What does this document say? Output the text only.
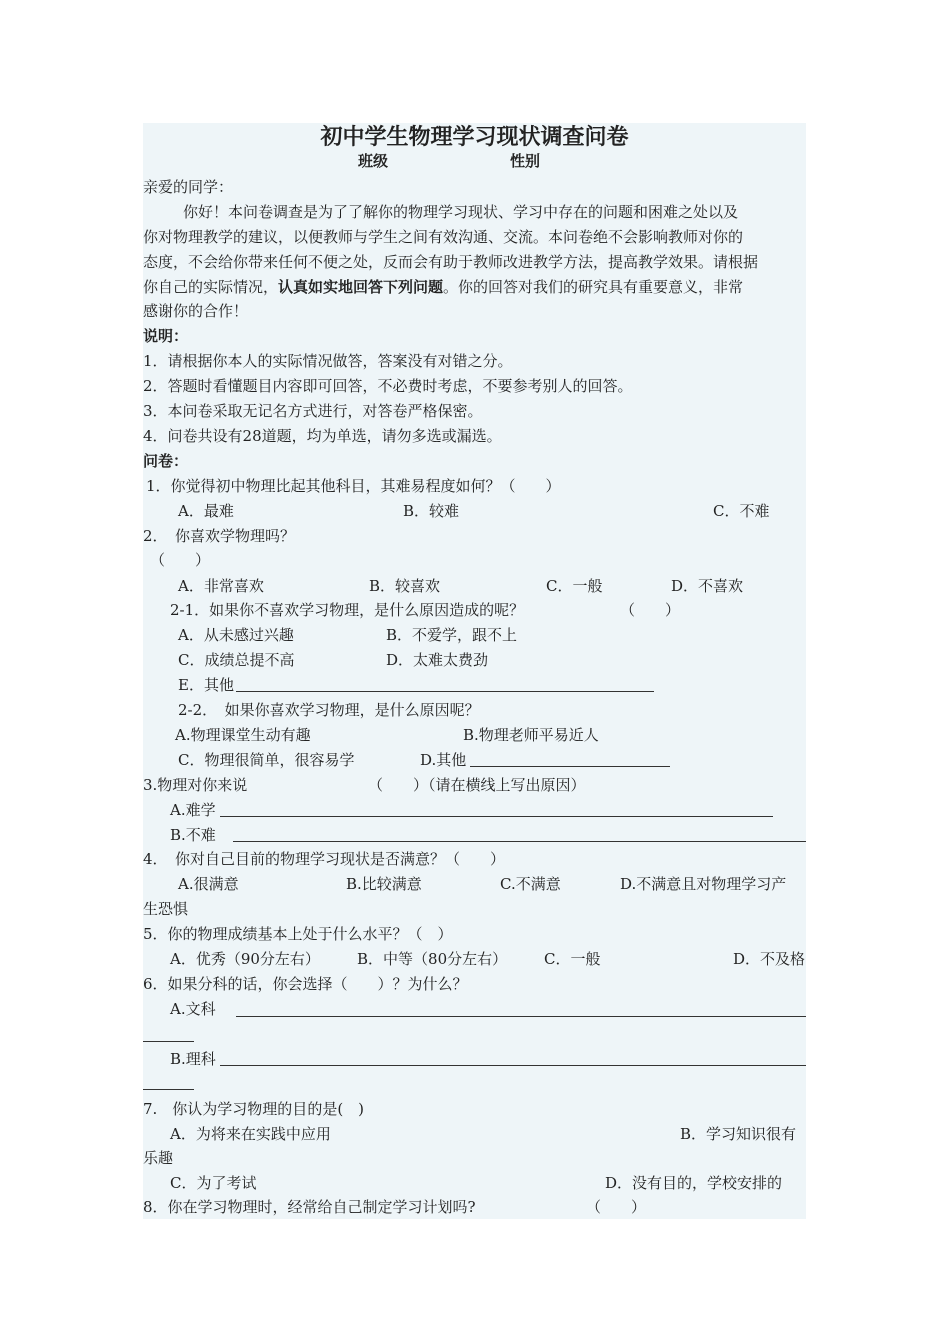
初中学生物理学习现状调查问卷
班级	性别
亲爱的同学：
你好！本问卷调查是为了了解你的物理学习现状、学习中存在的问题和困难之处以及
你对物理教学的建议，以便教师与学生之间有效沟通、交流。本问卷绝不会影响教师对你的
态度，不会给你带来任何不便之处，反而会有助于教师改进教学方法，提高教学效果。请根据
你自己的实际情况，认真如实地回答下列问题。你的回答对我们的研究具有重要意义，非常
感谢你的合作！
说明：
1．请根据你本人的实际情况做答，答案没有对错之分。
2．答题时看懂题目内容即可回答，不必费时考虑，不要参考别人的回答。
3．本问卷采取无记名方式进行，对答卷严格保密。
4．问卷共设有28道题，均为单选，请勿多选或漏选。
问卷：
1．你觉得初中物理比起其他科目，其难易程度如何？（　　）
A．最难	B．较难	C．不难
2．　你喜欢学物理吗？
（　　）
A．非常喜欢	B．较喜欢	C．一般	D．不喜欢
2-1．如果你不喜欢学习物理，是什么原因造成的呢？	（　　）
A．从未感过兴趣	B．不爱学，跟不上
C．成绩总提不高	D．太难太费劲
E．其他
2-2．　如果你喜欢学习物理，是什么原因呢？
A.物理课堂生动有趣	B.物理老师平易近人
C．物理很简单，很容易学	D.其他
3.物理对你来说	（　　）（请在横线上写出原因）
A.难学
B.不难
4．　你对自己目前的物理学习现状是否满意？（　　）
A.很满意	B.比较满意	C.不满意	D.不满意且对物理学习产
生恐惧
5．你的物理成绩基本上处于什么水平？（　）
A．优秀（90分左右） B．中等（80分左右） C．一般	D．不及格
6．如果分科的话，你会选择（　　）？为什么？
A.文科
B.理科
7.　你认为学习物理的目的是(　)
A．为将来在实践中应用	B．学习知识很有
乐趣
C．为了考试	D．没有目的，学校安排的
8．你在学习物理时，经常给自己制定学习计划吗?	（　　）
